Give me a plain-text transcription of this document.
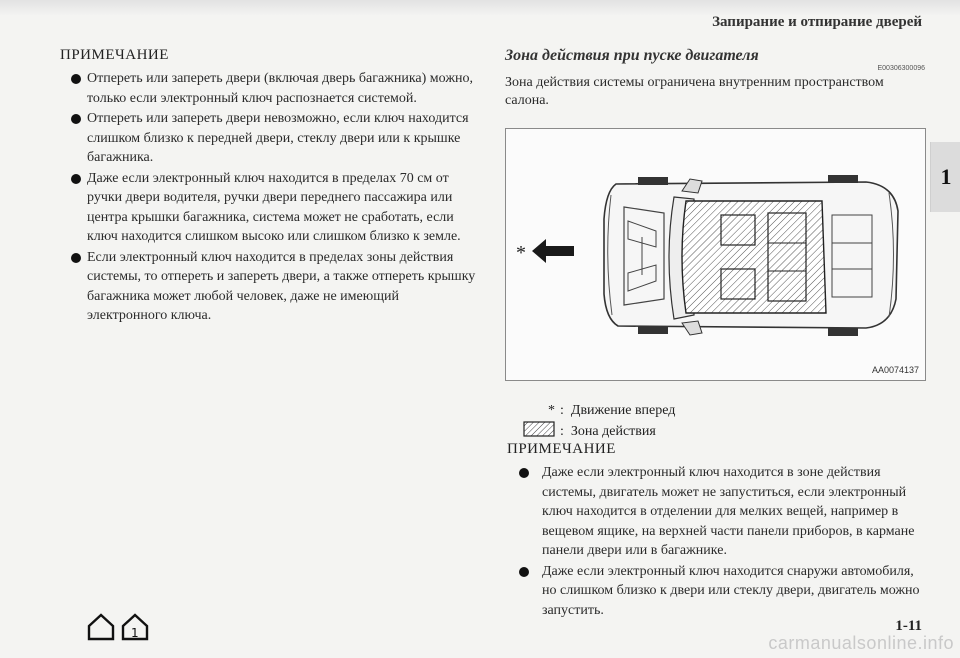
Запирание и отпирание дверей
1
ПРИМЕЧАНИЕ
Отпереть или запереть двери (включая дверь багажника) можно, только если электронный ключ распознается системой.
Отпереть или запереть двери невозможно, если ключ находится слишком близко к передней двери, стеклу двери или к крышке багажника.
Даже если электронный ключ находится в пределах 70 см от ручки двери водителя, ручки двери переднего пассажира или центра крышки багажника, система может не сработать, если ключ находится слишком высоко или слишком близко к земле.
Если электронный ключ находится в пределах зоны действия системы, то отпереть и запереть двери, а также отпереть крышку багажника может любой человек, даже не имеющий электронного ключа.
Зона действия при пуске двигателя
E00306300096
Зона действия системы ограничена внутренним пространством салона.
*
AA0074137
* :
Движение вперед
:
Зона действия
ПРИМЕЧАНИЕ
Даже если электронный ключ находится в зоне действия системы, двигатель может не запуститься, если электронный ключ находится в отделении для мелких вещей, например в вещевом ящике, на верхней части панели приборов, в кармане панели двери или в багажнике.
Даже если электронный ключ находится снаружи автомобиля, но слишком близко к двери или стеклу двери, двигатель можно запустить.
1	1-11
carmanualsonline.info
